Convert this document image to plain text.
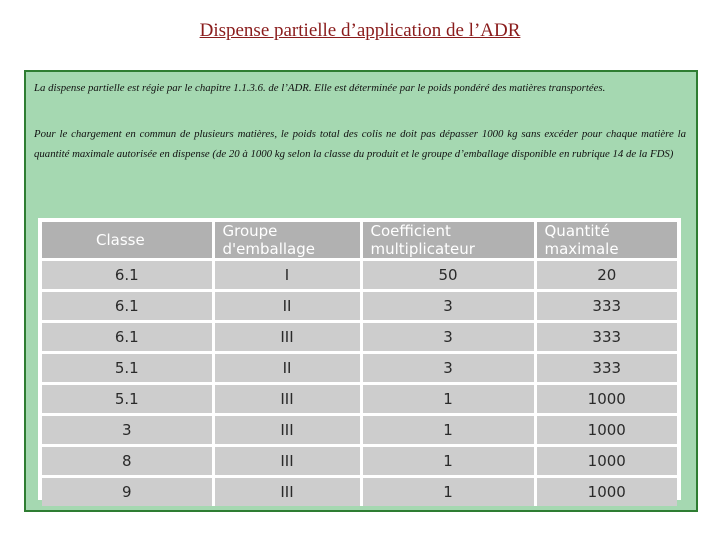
Dispense partielle d’application de l’ADR

La dispense partielle est régie par le chapitre 1.1.3.6. de l’ADR. Elle est déterminée par le poids pondéré des matières transportées.

Pour le chargement en commun de plusieurs matières, le poids total des colis ne doit pas dépasser 1000 kg sans excéder pour chaque matière la quantité maximale autorisée en dispense (de 20 à 1000 kg selon la classe du produit et le groupe d’emballage disponible en rubrique 14 de la FDS)

Classe	Groupe d'emballage	Coefficient multiplicateur	Quantité maximale
6.1	I	50	20
6.1	II	3	333
6.1	III	3	333
5.1	II	3	333
5.1	III	1	1000
3	III	1	1000
8	III	1	1000
9	III	1	1000
